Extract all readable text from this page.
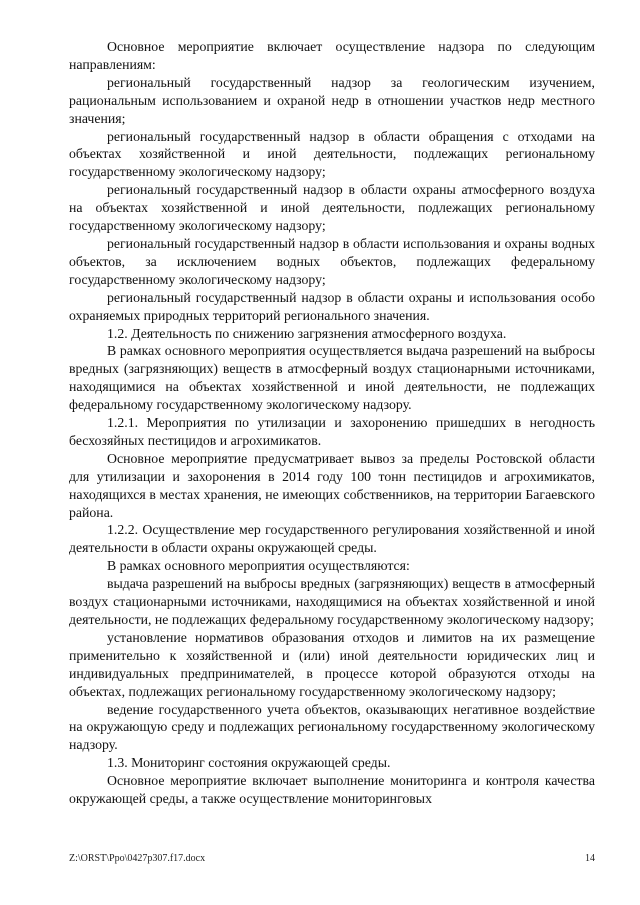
Основное мероприятие включает осуществление надзора по следующим направлениям:

региональный государственный надзор за геологическим изучением, рациональным использованием и охраной недр в отношении участков недр местного значения;

региональный государственный надзор в области обращения с отходами на объектах хозяйственной и иной деятельности, подлежащих региональному государственному экологическому надзору;

региональный государственный надзор в области охраны атмосферного воздуха на объектах хозяйственной и иной деятельности, подлежащих региональному государственному экологическому надзору;

региональный государственный надзор в области использования и охраны водных объектов, за исключением водных объектов, подлежащих федеральному государственному экологическому надзору;

региональный государственный надзор в области охраны и использования особо охраняемых природных территорий регионального значения.

1.2. Деятельность по снижению загрязнения атмосферного воздуха.

В рамках основного мероприятия осуществляется выдача разрешений на выбросы вредных (загрязняющих) веществ в атмосферный воздух стационарными источниками, находящимися на объектах хозяйственной и иной деятельности, не подлежащих федеральному государственному экологическому надзору.

1.2.1. Мероприятия по утилизации и захоронению пришедших в негодность бесхозяйных пестицидов и агрохимикатов.

Основное мероприятие предусматривает вывоз за пределы Ростовской области для утилизации и захоронения в 2014 году 100 тонн пестицидов и агрохимикатов, находящихся в местах хранения, не имеющих собственников, на территории Багаевского района.

1.2.2. Осуществление мер государственного регулирования хозяйственной и иной деятельности в области охраны окружающей среды.

В рамках основного мероприятия осуществляются:

выдача разрешений на выбросы вредных (загрязняющих) веществ в атмосферный воздух стационарными источниками, находящимися на объектах хозяйственной и иной деятельности, не подлежащих федеральному государственному экологическому надзору;

установление нормативов образования отходов и лимитов на их размещение применительно к хозяйственной и (или) иной деятельности юридических лиц и индивидуальных предпринимателей, в процессе которой образуются отходы на объектах, подлежащих региональному государственному экологическому надзору;

ведение государственного учета объектов, оказывающих негативное воздействие на окружающую среду и подлежащих региональному государственному экологическому надзору.

1.3. Мониторинг состояния окружающей среды.

Основное мероприятие включает выполнение мониторинга и контроля качества окружающей среды, а также осуществление мониторинговых

Z:\ORST\Ppo\0427p307.f17.docx	14
